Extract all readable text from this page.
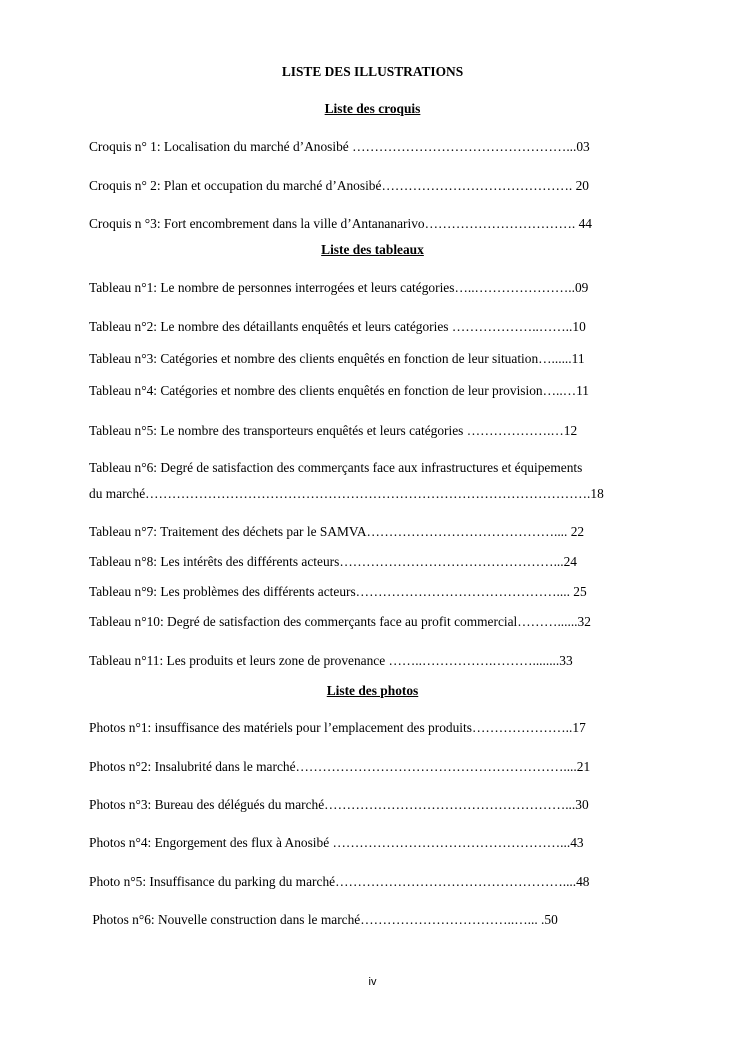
LISTE DES ILLUSTRATIONS
Liste des croquis
Croquis n° 1: Localisation du marché d’Anosibé …………………………………………...03
Croquis n° 2: Plan et occupation du marché d’Anosibé……………………………………. 20
Croquis n °3: Fort encombrement dans la ville d’Antananarivo……………………………. 44
Liste des tableaux
Tableau n°1: Le nombre de personnes interrogées et leurs catégories…..…………………..09
Tableau n°2: Le nombre des détaillants enquêtés et leurs catégories ………………..……..10
Tableau n°3: Catégories et nombre des clients enquêtés en fonction de leur situation…......11
Tableau n°4: Catégories et nombre des clients enquêtés en fonction de leur provision…..…11
Tableau n°5: Le nombre des transporteurs enquêtés et leurs catégories ……………….…12
Tableau n°6: Degré de satisfaction des commerçants face aux infrastructures et équipements
du marché……………………………………………………………………………………….18
Tableau n°7: Traitement des déchets par le SAMVA…………………………………….... 22
Tableau n°8: Les intérêts des différents acteurs…………………………………………...24
Tableau n°9: Les problèmes des différents acteurs……………………………………….... 25
Tableau n°10: Degré de satisfaction des commerçants face au profit commercial………......32
Tableau n°11: Les produits et leurs zone de provenance ……..…………….………........33
Liste des photos
Photos n°1: insuffisance des matériels pour l’emplacement des produits…………………..17
Photos n°2: Insalubrité dans le marché……………………………………………………....21
Photos n°3: Bureau des délégués du marché………………………………………………...30
Photos n°4: Engorgement des flux à Anosibé ……………………………………………...43
Photo n°5: Insuffisance du parking du marché……………………………………………....48
Photos n°6: Nouvelle construction dans le marché……………………………..…... .50
iv
